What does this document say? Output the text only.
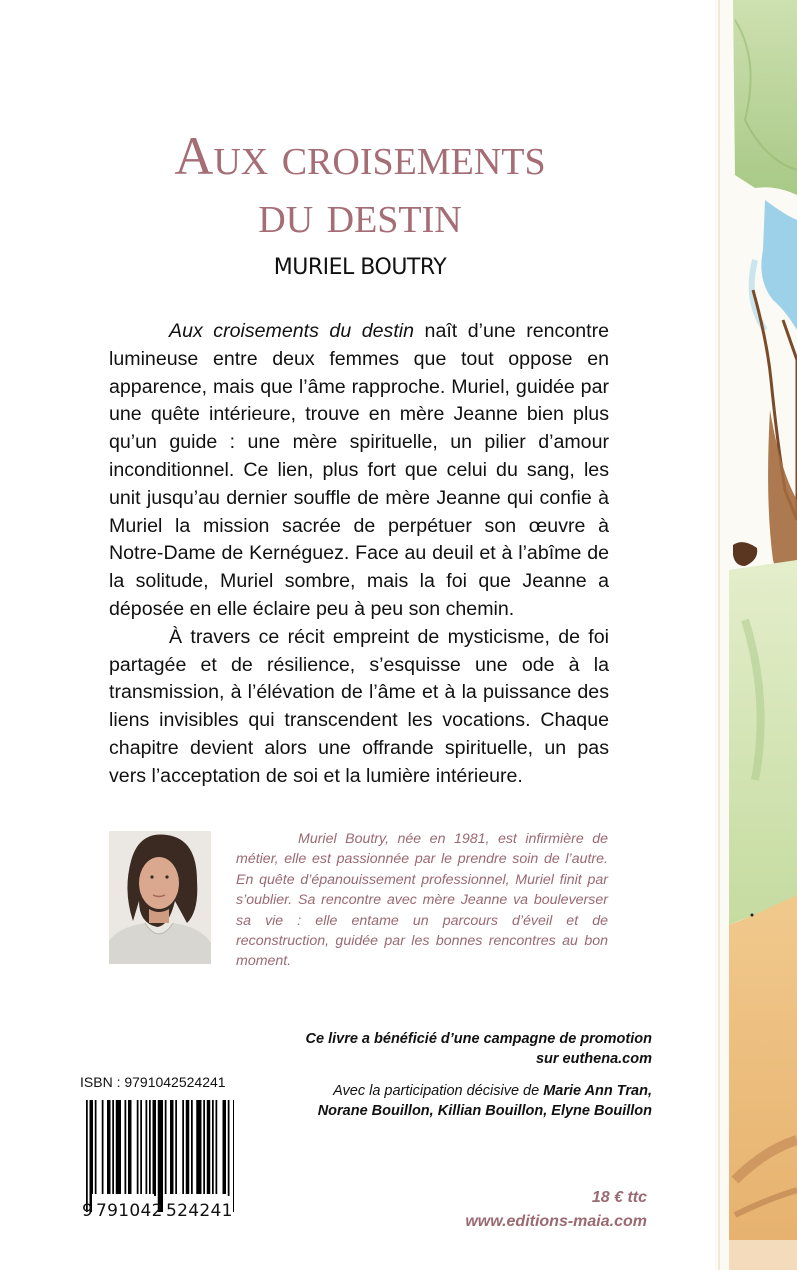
Aux croisements
du destin
MURIEL BOUTRY

Aux croisements du destin naît d’une rencontre lumineuse entre deux femmes que tout oppose en apparence, mais que l’âme rapproche. Muriel, guidée par une quête intérieure, trouve en mère Jeanne bien plus qu’un guide : une mère spirituelle, un pilier d’amour inconditionnel. Ce lien, plus fort que celui du sang, les unit jusqu’au dernier souffle de mère Jeanne qui confie à Muriel la mission sacrée de perpétuer son œuvre à Notre-Dame de Kernéguez. Face au deuil et à l’abîme de la solitude, Muriel sombre, mais la foi que Jeanne a déposée en elle éclaire peu à peu son chemin.

À travers ce récit empreint de mysticisme, de foi partagée et de résilience, s’esquisse une ode à la transmission, à l’élévation de l’âme et à la puissance des liens invisibles qui transcendent les vocations. Chaque chapitre devient alors une offrande spirituelle, un pas vers l’acceptation de soi et la lumière intérieure.

Muriel Boutry, née en 1981, est infirmière de métier, elle est passionnée par le prendre soin de l’autre. En quête d’épanouissement professionnel, Muriel finit par s’oublier. Sa rencontre avec mère Jeanne va bouleverser sa vie : elle entame un parcours d’éveil et de reconstruction, guidée par les bonnes rencontres au bon moment.

Ce livre a bénéficié d’une campagne de promotion sur euthena.com
Avec la participation décisive de Marie Ann Tran, Norane Bouillon, Killian Bouillon, Elyne Bouillon
ISBN : 9791042524241
9 791042 524241
18 € ttc
www.editions-maia.com
